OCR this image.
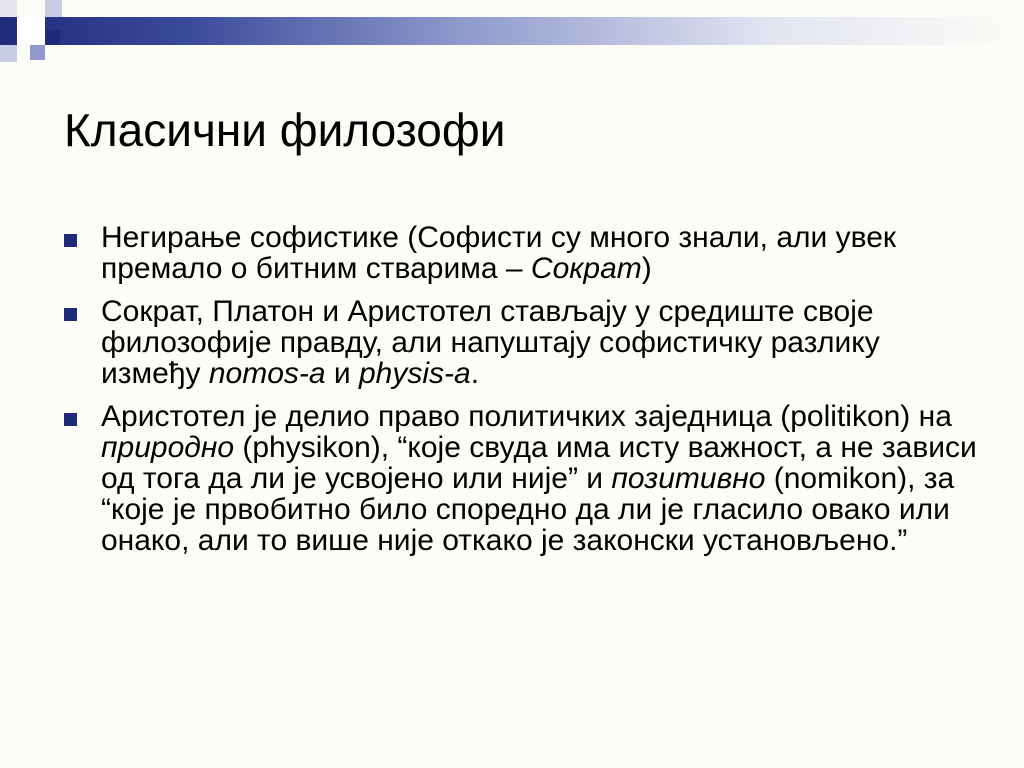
Класични филозофи
Негирање софистике (Софисти су много знали, али увек премало о битним стварима – Сократ)
Сократ, Платон и Аристотел стављају у средиште своје филозофије правду, али напуштају софистичку разлику између nomos-a и physis-a.
Аристотел је делио право политичких заједница (politikon) на природно (physikon), “које свуда има исту важност, а не зависи од тога да ли је усвојено или није” и позитивно (nomikon), за “које је првобитно било споредно да ли је гласило овако или онако, али то више није откако је законски установљено.”
